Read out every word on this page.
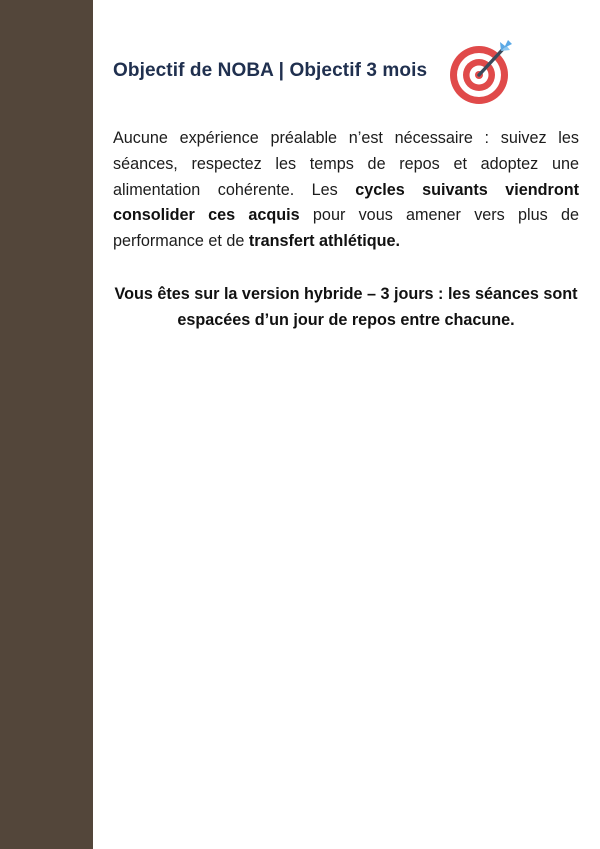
Objectif de NOBA | Objectif 3 mois

Aucune expérience préalable n’est nécessaire : suivez les séances, respectez les temps de repos et adoptez une alimentation cohérente. Les cycles suivants viendront consolider ces acquis pour vous amener vers plus de performance et de transfert athlétique.

Vous êtes sur la version hybride – 3 jours : les séances sont espacées d’un jour de repos entre chacune.
